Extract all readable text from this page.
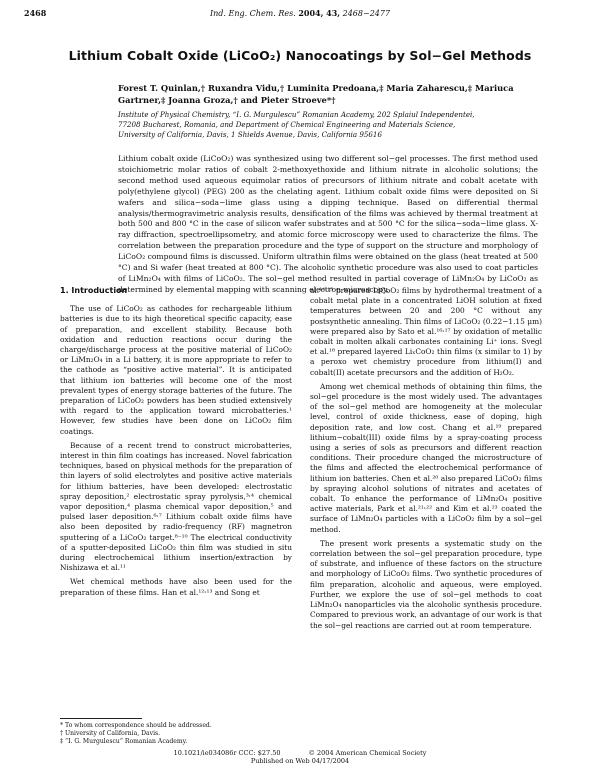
2468	Ind. Eng. Chem. Res. 2004, 43, 2468−2477
Lithium Cobalt Oxide (LiCoO₂) Nanocoatings by Sol−Gel Methods
Forest T. Quinlan,† Ruxandra Vidu,† Luminita Predoana,‡ Maria Zaharescu,‡ Mariuca Gartrner,‡ Joanna Groza,† and Pieter Stroeve*†
Institute of Physical Chemistry, “I. G. Murgulescu” Romanian Academy, 202 Splaiul Independentei,
77208 Bucharest, Romania, and Department of Chemical Engineering and Materials Science,
University of California, Davis, 1 Shields Avenue, Davis, California 95616
Lithium cobalt oxide (LiCoO₂) was synthesized using two different sol−gel processes. The first method used stoichiometric molar ratios of cobalt 2-methoxyethoxide and lithium nitrate in alcoholic solutions; the second method used aqueous equimolar ratios of precursors of lithium nitrate and cobalt acetate with poly(ethylene glycol) (PEG) 200 as the chelating agent. Lithium cobalt oxide films were deposited on Si wafers and silica−soda−lime glass using a dipping technique. Based on differential thermal analysis/thermogravimetric analysis results, densification of the films was achieved by thermal treatment at both 500 and 800 °C in the case of silicon wafer substrates and at 500 °C for the silica−soda−lime glass. X-ray diffraction, spectroellipsometry, and atomic force microscopy were used to characterize the films. The correlation between the preparation procedure and the type of support on the structure and morphology of LiCoO₂ compound films is discussed. Uniform ultrathin films were obtained on the glass (heat treated at 500 °C) and Si wafer (heat treated at 800 °C). The alcoholic synthetic procedure was also used to coat particles of LiMn₂O₄ with films of LiCoO₂. The sol−gel method resulted in partial coverage of LiMn₂O₄ by LiCoO₂ as determined by elemental mapping with scanning electron microscopy.
1. Introduction

The use of LiCoO₂ as cathodes for rechargeable lithium batteries is due to its high theoretical specific capacity, ease of preparation, and excellent stability. Because both oxidation and reduction reactions occur during the charge/discharge process at the positive material of LiCoO₂ or LiMn₂O₄ in a Li battery, it is more appropriate to refer to the cathode as “positive active material”. It is anticipated that lithium ion batteries will become one of the most prevalent types of energy storage batteries of the future. The preparation of LiCoO₂ powders has been studied extensively with regard to the application toward microbatteries.¹ However, few studies have been done on LiCoO₂ film coatings.

Because of a recent trend to construct microbatteries, interest in thin film coatings has increased. Novel fabrication techniques, based on physical methods for the preparation of thin layers of solid electrolytes and positive active materials for lithium batteries, have been developed: electrostatic spray deposition,² electrostatic spray pyrolysis,³˒⁴ chemical vapor deposition,⁴ plasma chemical vapor deposition,⁵ and pulsed laser deposition.⁶˒⁷ Lithium cobalt oxide films have also been deposited by radio-frequency (RF) magnetron sputtering of a LiCoO₂ target.⁸⁻¹⁰ The electrical conductivity of a sputter-deposited LiCoO₂ thin film was studied in situ during electrochemical lithium insertion/extraction by Nishizawa et al.¹¹

Wet chemical methods have also been used for the preparation of these films. Han et al.¹²˒¹³ and Song et

al.¹⁴˒¹⁵ prepared LiCoO₂ films by hydrothermal treatment of a cobalt metal plate in a concentrated LiOH solution at fixed temperatures between 20 and 200 °C without any postsynthetic annealing. Thin films of LiCoO₂ (0.22−1.15 μm) were prepared also by Sato et al.¹⁶˒¹⁷ by oxidation of metallic cobalt in molten alkali carbonates containing Li⁺ ions. Svegl et al.¹⁸ prepared layered LiₓCoO₂ thin films (x similar to 1) by a peroxo wet chemistry procedure from lithium(I) and cobalt(II) acetate precursors and the addition of H₂O₂.

Among wet chemical methods of obtaining thin films, the sol−gel procedure is the most widely used. The advantages of the sol−gel method are homogeneity at the molecular level, control of oxide thickness, ease of doping, high deposition rate, and low cost. Chang et al.¹⁹ prepared lithium−cobalt(III) oxide films by a spray-coating process using a series of sols as precursors and different reaction conditions. Their procedure changed the microstructure of the films and affected the electrochemical performance of lithium ion batteries. Chen et al.²⁰ also prepared LiCoO₂ films by spraying alcohol solutions of nitrates and acetates of cobalt. To enhance the performance of LiMn₂O₄ positive active materials, Park et al.²¹˒²² and Kim et al.²³ coated the surface of LiMn₂O₄ particles with a LiCoO₂ film by a sol−gel method.

The present work presents a systematic study on the correlation between the sol−gel preparation procedure, type of substrate, and influence of these factors on the structure and morphology of LiCoO₂ films. Two synthetic procedures of film preparation, alcoholic and aqueous, were employed. Further, we explore the use of sol−gel methods to coat LiMn₂O₄ nanoparticles via the alcoholic synthesis procedure. Compared to previous work, an advantage of our work is that the sol−gel reactions are carried out at room temperature.

* To whom correspondence should be addressed.
† University of California, Davis.
‡ “I. G. Murgulescu” Romanian Academy.
10.1021/ie034086r CCC: $27.50	© 2004 American Chemical Society
Published on Web 04/17/2004
